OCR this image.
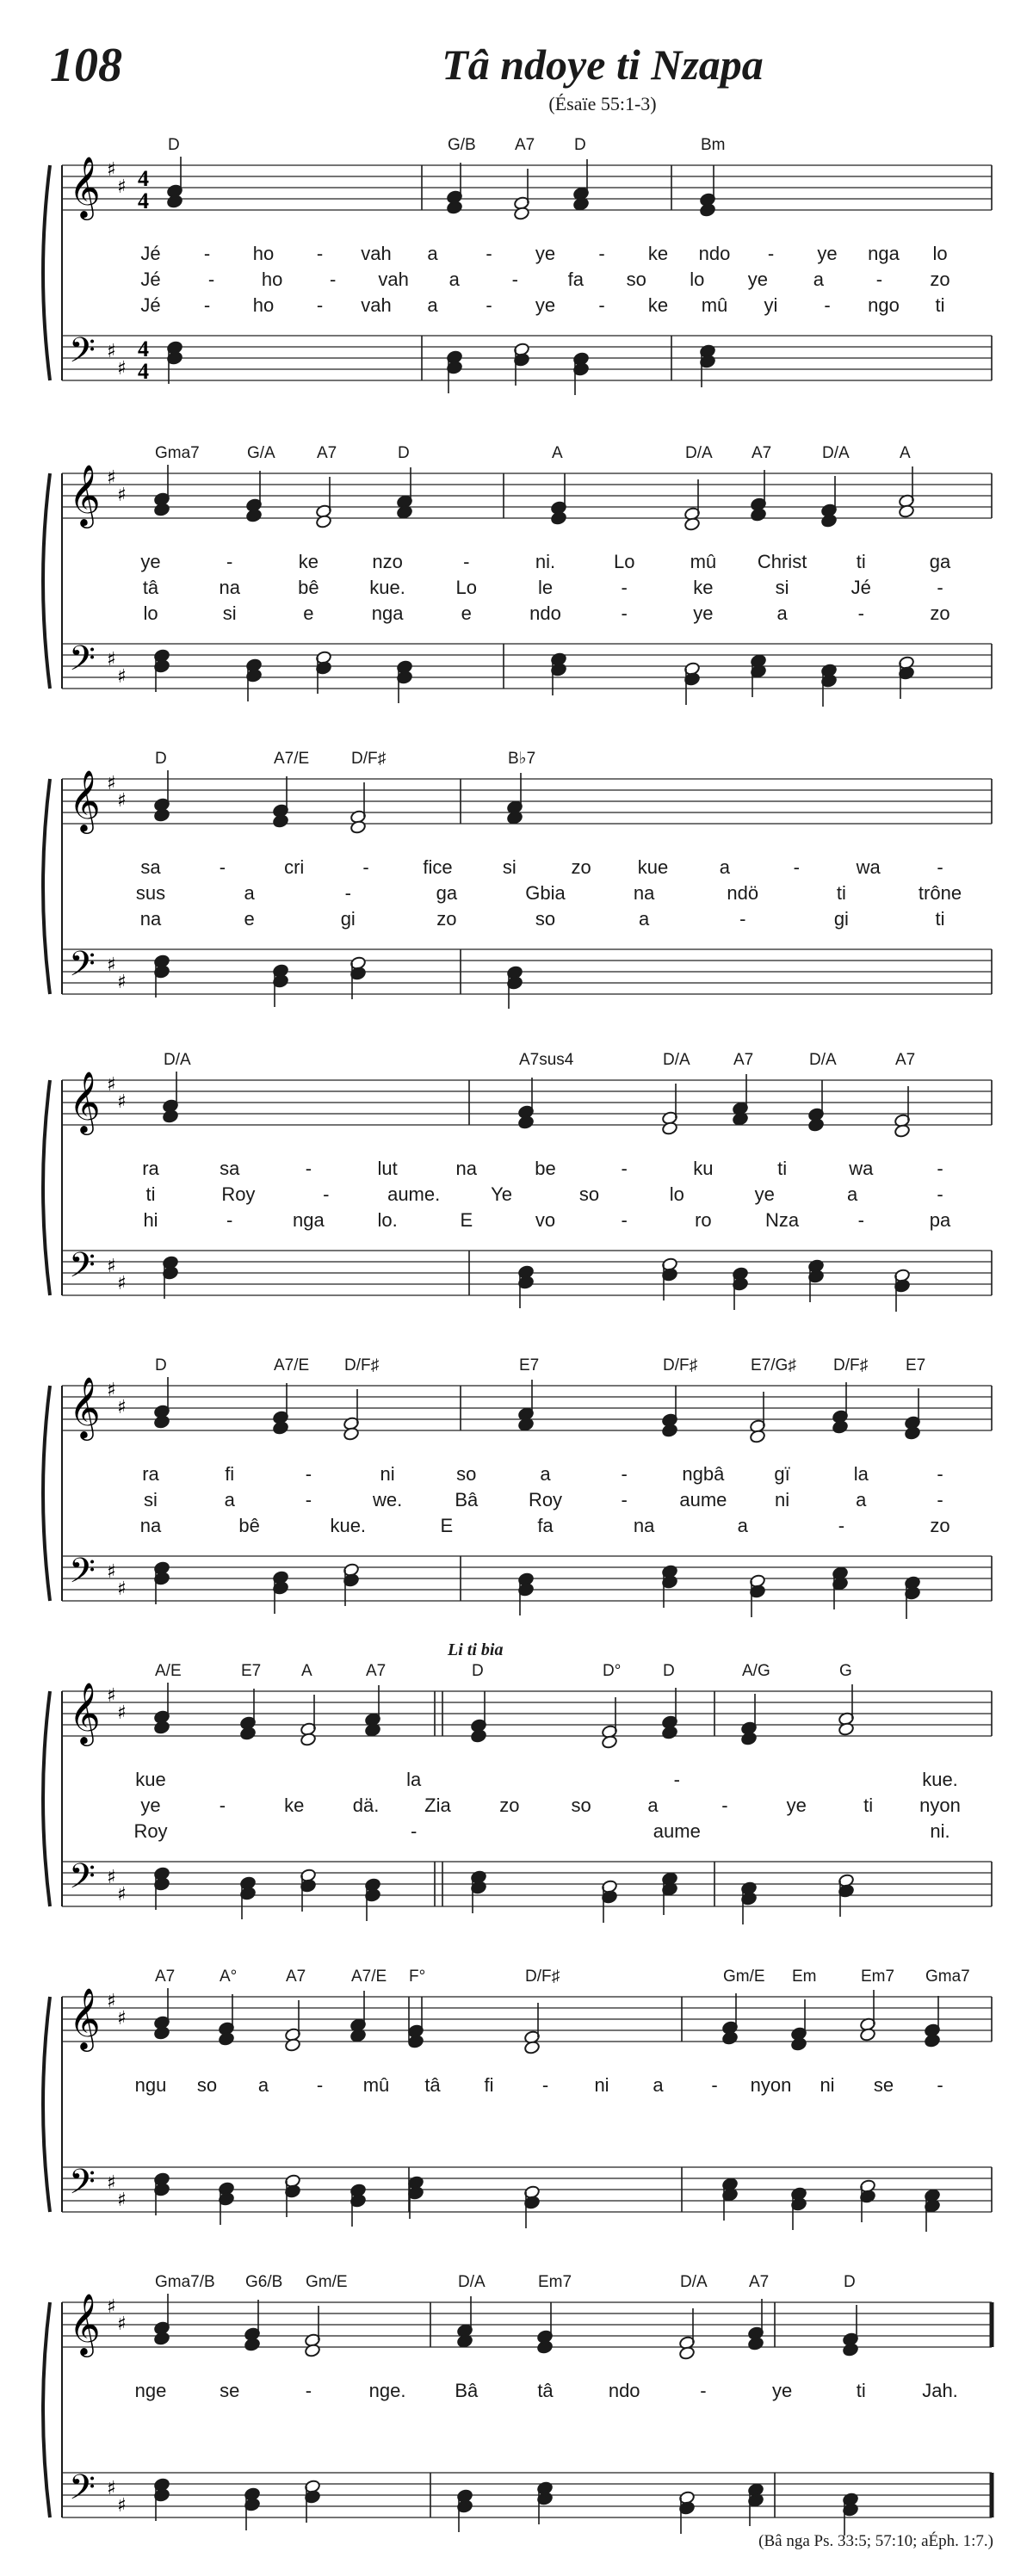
108	Tâ ndoye ti Nzapa
(Ésaïe 55:1-3)
D	G/B A7 D	Bm
Jé - ho - vah a	- ye - ke ndo - ye nga lo
Jé	- ho - vah a	-	fa so lo ye a	-	zo
Jé - ho - vah a	- ye - ke mû yi - ngo ti
𝄞 ♯
♯ 4
4
𝄢 ♯
♯
4
4
Gma7	G/A	A7	D	A	D/A A7	D/A	A
ye	-	ke	nzo	-	ni.	Lo	mû Christ	ti	ga
tâ	na	bê	kue.	Lo	le	-	ke	si	Jé	-
lo	si	e	nga	e	ndo	-	ye	a	-	zo
𝄞 ♯
♯
𝄢 ♯
♯
D	A7/E	D/F♯	B♭7
sa	-	cri	-	fice	si	zo kue	a	-	wa	-
sus	a	-	ga	Gbia	na	ndö	ti	trône
na	e	gi	zo	so	a	-	gi	ti
𝄞 ♯
♯
𝄢 ♯
♯
D/A	A7sus4	D/A	A7	D/A	A7
ra	sa	-	lut	na	be	-	ku	ti	wa	-
ti	Roy	-	aume.	Ye	so	lo	ye	a	-
hi	-	nga	lo.	E	vo	-	ro	Nza	-	pa
𝄞 ♯
♯
𝄢 ♯
♯
D	A7/E D/F♯	E7	D/F♯	E7/G♯ D/F♯ E7
ra	fi	-	ni	so	a	-	ngbâ	gï	la	-
si	a	-	we.	Bâ	Roy	-	aume	ni	a	-
na	bê	kue.	E	fa	na	a	-	zo
𝄞 ♯
♯
𝄢 ♯
♯
A/E	E7 A	A7	D	D°	D	A/G	G
Li ti bia
kue	la	-	kue.
ye	-	ke	dä. Zia	zo	so	a	-	ye	ti nyon
Roy	-	aume	ni.
𝄞 ♯
♯
𝄢 ♯
♯
A7	A°	A7	A7/E F°	D/F♯	Gm/E Em	Em7 Gma7
ngu so a	- mû tâ fi	- ni a	- nyon ni se -
𝄞 ♯
♯
𝄢 ♯
♯
Gma7/B G6/B Gm/E	D/A	Em7	D/A	A7	D
nge	se	-	nge.	Bâ	tâ	ndo	-	ye	ti	Jah.
𝄞 ♯
♯
𝄢 ♯
♯
(Bâ nga Ps. 33:5; 57:10; aÉph. 1:7.)
